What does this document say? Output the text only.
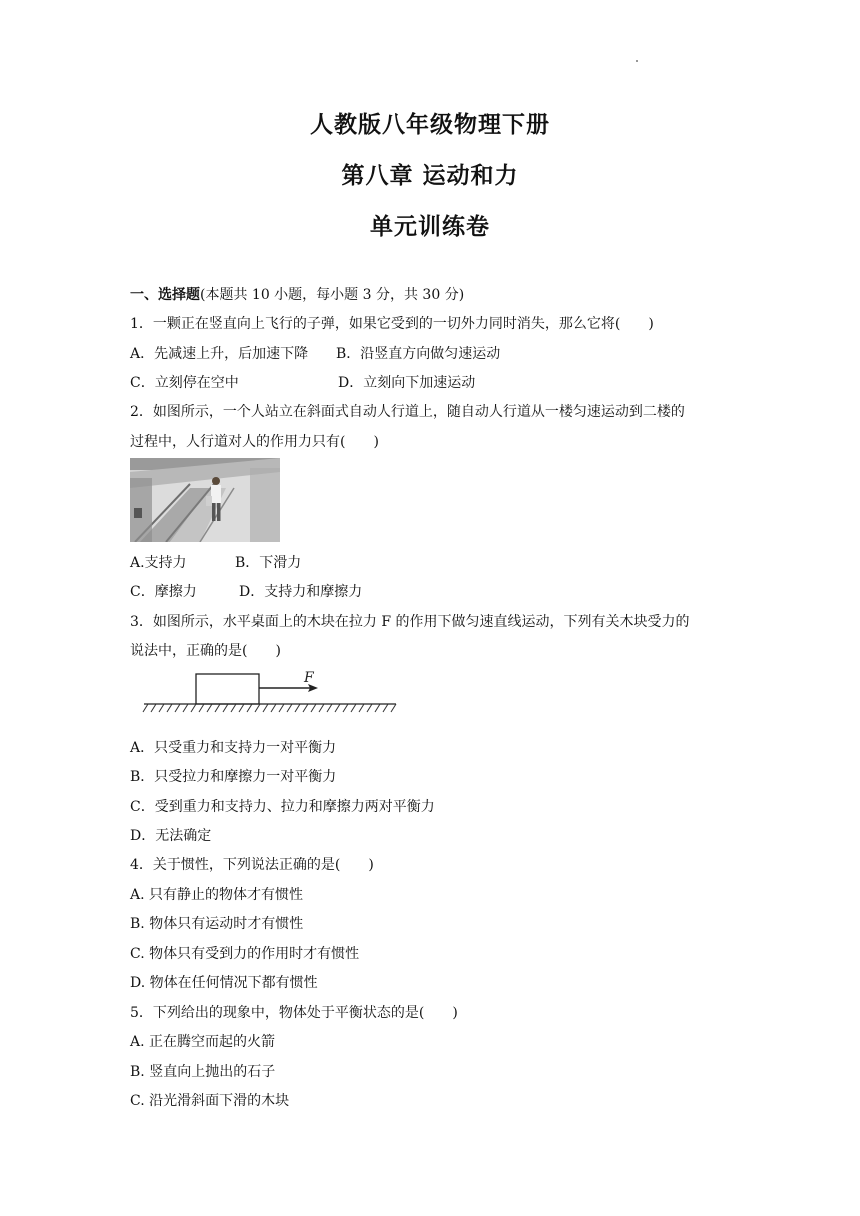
人教版八年级物理下册
第八章 运动和力
单元训练卷
一、选择题(本题共 10 小题，每小题 3 分，共 30 分)
1．一颗正在竖直向上飞行的子弹，如果它受到的一切外力同时消失，那么它将(　　)
A．先减速上升，后加速下降 B．沿竖直方向做匀速运动
C．立刻停在空中	D．立刻向下加速运动
2．如图所示，一个人站立在斜面式自动人行道上，随自动人行道从一楼匀速运动到二楼的
过程中，人行道对人的作用力只有(　　)
A.支持力	B．下滑力
C．摩擦力	D．支持力和摩擦力
3．如图所示，水平桌面上的木块在拉力 F 的作用下做匀速直线运动，下列有关木块受力的
说法中，正确的是(　　)
F
A．只受重力和支持力一对平衡力
B．只受拉力和摩擦力一对平衡力
C．受到重力和支持力、拉力和摩擦力两对平衡力
D．无法确定
4．关于惯性，下列说法正确的是(　　)
A. 只有静止的物体才有惯性
B. 物体只有运动时才有惯性
C. 物体只有受到力的作用时才有惯性
D. 物体在任何情况下都有惯性
5．下列给出的现象中，物体处于平衡状态的是(　　)
A. 正在腾空而起的火箭
B. 竖直向上抛出的石子
C. 沿光滑斜面下滑的木块
